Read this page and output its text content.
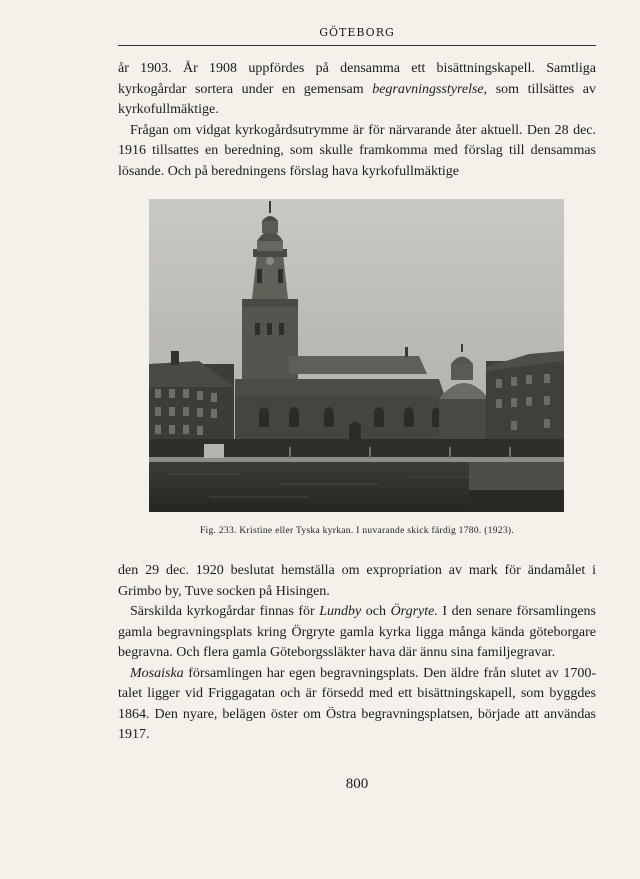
GÖTEBORG

år 1903. År 1908 uppfördes på densamma ett bisättningskapell. Samtliga kyrkogårdar sortera under en gemensam begravningsstyrelse, som tillsättes av kyrkofullmäktige.

Frågan om vidgat kyrkogårdsutrymme är för närvarande åter aktuell. Den 28 dec. 1916 tillsattes en beredning, som skulle framkomma med förslag till densammas lösande. Och på beredningens förslag hava kyrkofullmäktige

Fig. 233. Kristine eller Tyska kyrkan. I nuvarande skick färdig 1780. (1923).

den 29 dec. 1920 beslutat hemställa om expropriation av mark för ändamålet i Grimbo by, Tuve socken på Hisingen.

Särskilda kyrkogårdar finnas för Lundby och Örgryte. I den senare församlingens gamla begravningsplats kring Örgryte gamla kyrka ligga många kända göteborgare begravna. Och flera gamla Göteborgssläkter hava där ännu sina familjegravar.

Mosaiska församlingen har egen begravningsplats. Den äldre från slutet av 1700-talet ligger vid Friggagatan och är försedd med ett bisättningskapell, som byggdes 1864. Den nyare, belägen öster om Östra begravningsplatsen, började att användas 1917.

800
